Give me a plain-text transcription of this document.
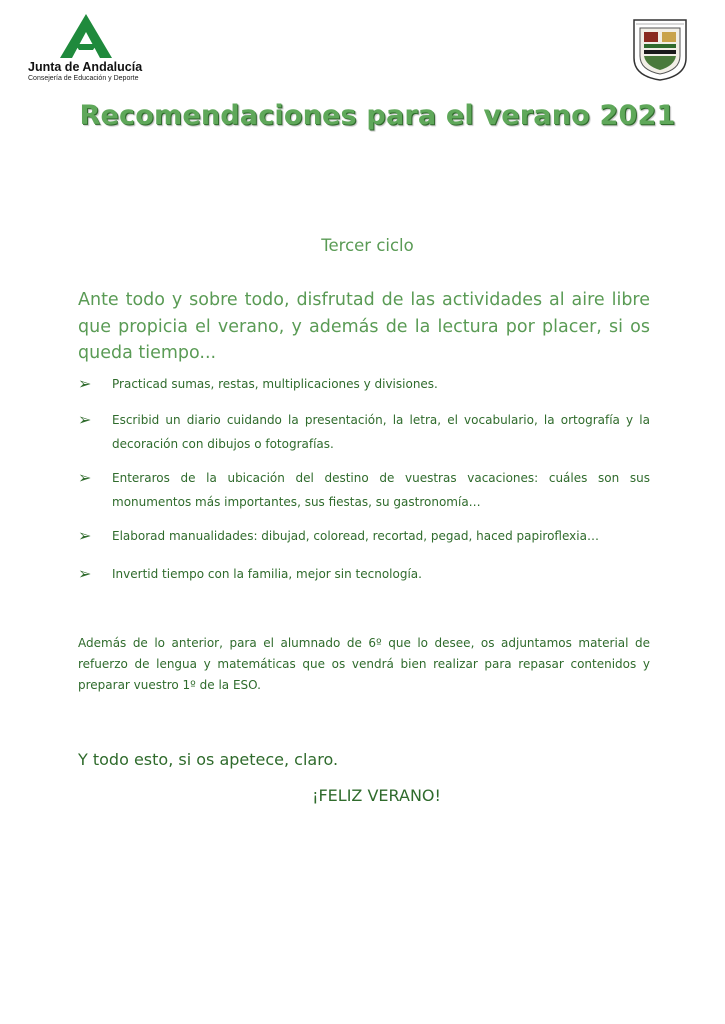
Junta de Andalucía
Consejería de Educación y Deporte
Recomendaciones para el verano 2021
Tercer ciclo
Ante todo y sobre todo, disfrutad de las actividades al aire libre que propicia el verano, y además de la lectura por placer, si os queda tiempo...
➢ Practicad sumas, restas, multiplicaciones y divisiones.
➢ Escribid un diario cuidando la presentación, la letra, el vocabulario, la ortografía y la decoración con dibujos o fotografías.
➢ Enteraros de la ubicación del destino de vuestras vacaciones: cuáles son sus monumentos más importantes, sus fiestas, su gastronomía…
➢ Elaborad manualidades: dibujad, coloread, recortad, pegad, haced papiroflexia…
➢ Invertid tiempo con la familia, mejor sin tecnología.
Además de lo anterior, para el alumnado de 6º que lo desee, os adjuntamos material de refuerzo de lengua y matemáticas que os vendrá bien realizar para repasar contenidos y preparar vuestro 1º de la ESO.
Y todo esto, si os apetece, claro.
¡FELIZ VERANO!
